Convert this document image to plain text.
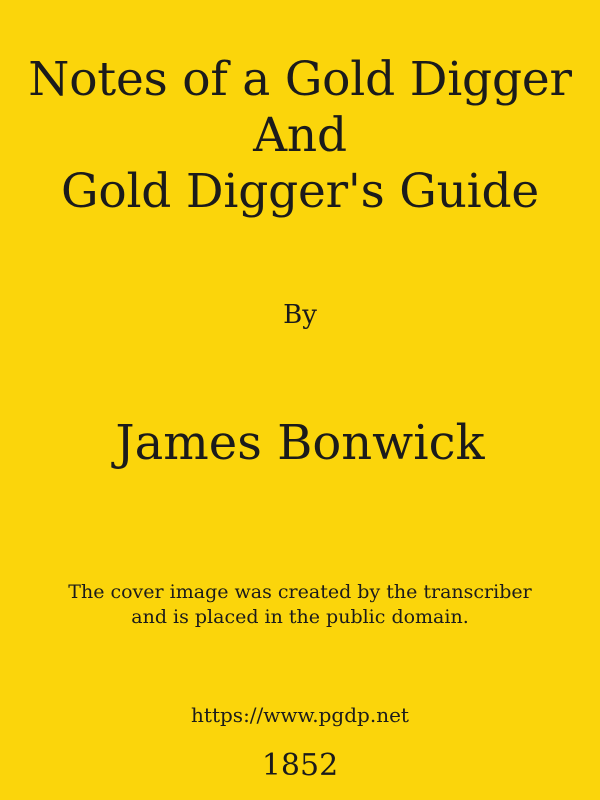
Notes of a Gold Digger
And
Gold Digger's Guide
By
James Bonwick
The cover image was created by the transcriber
and is placed in the public domain.
https://www.pgdp.net
1852
